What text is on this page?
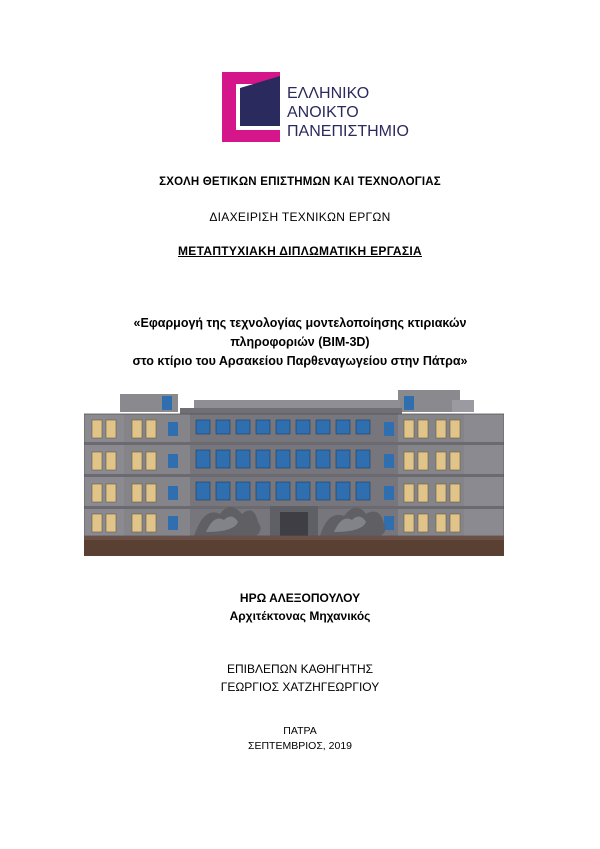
ΕΛΛΗΝΙΚΟ
ΑΝΟΙΚΤΟ
ΠΑΝΕΠΙΣΤΗΜΙΟ
ΣΧΟΛΗ ΘΕΤΙΚΩΝ ΕΠΙΣΤΗΜΩΝ ΚΑΙ ΤΕΧΝΟΛΟΓΙΑΣ
ΔΙΑΧΕΙΡΙΣΗ ΤΕΧΝΙΚΩΝ ΕΡΓΩΝ
ΜΕΤΑΠΤΥΧΙΑΚΗ ΔΙΠΛΩΜΑΤΙΚΗ ΕΡΓΑΣΙΑ
«Εφαρμογή της τεχνολογίας μοντελοποίησης κτιριακών
πληροφοριών (BIM-3D)
στο κτίριο του Αρσακείου Παρθεναγωγείου στην Πάτρα»
ΗΡΩ ΑΛΕΞΟΠΟΥΛΟΥ
Αρχιτέκτονας Μηχανικός
ΕΠΙΒΛΕΠΩΝ ΚΑΘΗΓΗΤΗΣ
ΓΕΩΡΓΙΟΣ ΧΑΤΖΗΓΕΩΡΓΙΟΥ
ΠΑΤΡΑ
ΣΕΠΤΕΜΒΡΙΟΣ, 2019
